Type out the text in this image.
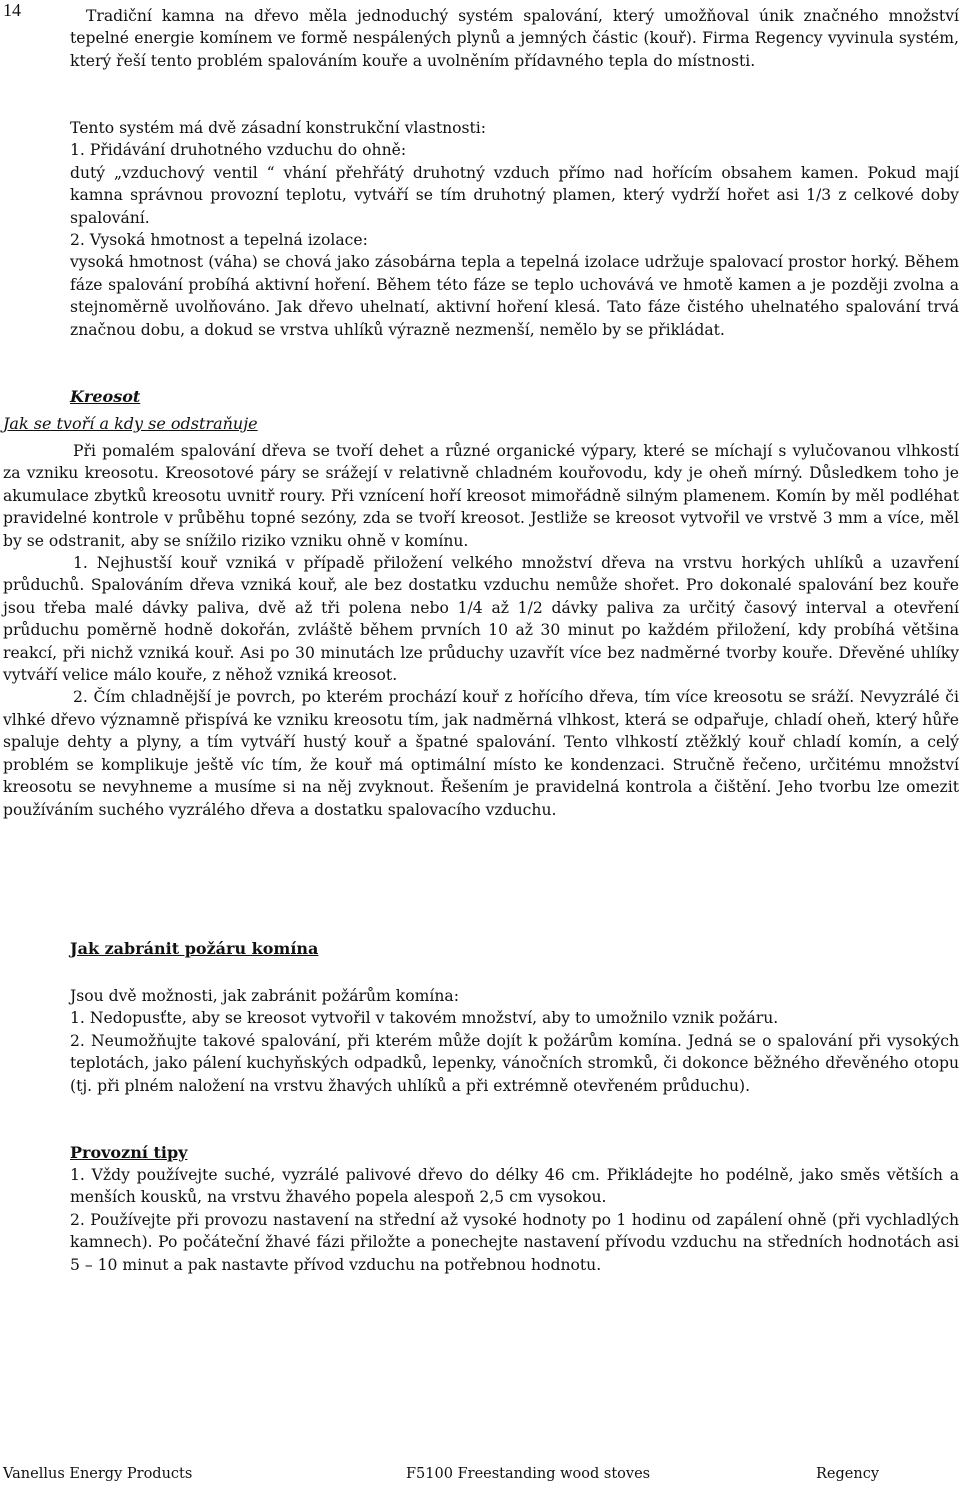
14	Tradiční kamna na dřevo měla jednoduchý systém spalování, který umožňoval únik značného množství tepelné energie komínem ve formě nespálených plynů a jemných částic (kouř). Firma Regency vyvinula systém, který řeší tento problém spalováním kouře a uvolněním přídavného tepla do místnosti.

Tento systém má dvě zásadní konstrukční vlastnosti:

1. Přidávání druhotného vzduchu do ohně:

dutý „vzduchový ventil “ vhání přehřátý druhotný vzduch přímo nad hořícím obsahem kamen. Pokud mají kamna správnou provozní teplotu, vytváří se tím druhotný plamen, který vydrží hořet asi 1/3 z celkové doby spalování.

2. Vysoká hmotnost a tepelná izolace:

vysoká hmotnost (váha) se chová jako zásobárna tepla a tepelná izolace udržuje spalovací prostor horký. Během fáze spalování probíhá aktivní hoření. Během této fáze se teplo uchovává ve hmotě kamen a je později zvolna a stejnoměrně uvolňováno. Jak dřevo uhelnatí, aktivní hoření klesá. Tato fáze čistého uhelnatého spalování trvá značnou dobu, a dokud se vrstva uhlíků výrazně nezmenší, nemělo by se přikládat.

Kreosot
Jak se tvoří a kdy se odstraňuje

Při pomalém spalování dřeva se tvoří dehet a různé organické výpary, které se míchají s vylučovanou vlhkostí za vzniku kreosotu. Kreosotové páry se srážejí v relativně chladném kouřovodu, kdy je oheň mírný. Důsledkem toho je akumulace zbytků kreosotu uvnitř roury. Při vznícení hoří kreosot mimořádně silným plamenem. Komín by měl podléhat pravidelné kontrole v průběhu topné sezóny, zda se tvoří kreosot. Jestliže se kreosot vytvořil ve vrstvě 3 mm a více, měl by se odstranit, aby se snížilo riziko vzniku ohně v komínu.

1. Nejhustší kouř vzniká v případě přiložení velkého množství dřeva na vrstvu horkých uhlíků a uzavření průduchů. Spalováním dřeva vzniká kouř, ale bez dostatku vzduchu nemůže shořet. Pro dokonalé spalování bez kouře jsou třeba malé dávky paliva, dvě až tři polena nebo 1/4 až 1/2 dávky paliva za určitý časový interval a otevření průduchu poměrně hodně dokořán, zvláště během prvních 10 až 30 minut po každém přiložení, kdy probíhá většina reakcí, při nichž vzniká kouř. Asi po 30 minutách lze průduchy uzavřít více bez nadměrné tvorby kouře. Dřevěné uhlíky vytváří velice málo kouře, z něhož vzniká kreosot.

2. Čím chladnější je povrch, po kterém prochází kouř z hořícího dřeva, tím více kreosotu se sráží. Nevyzrálé či vlhké dřevo významně přispívá ke vzniku kreosotu tím, jak nadměrná vlhkost, která se odpařuje, chladí oheň, který hůře spaluje dehty a plyny, a tím vytváří hustý kouř a špatné spalování. Tento vlhkostí ztěžklý kouř chladí komín, a celý problém se komplikuje ještě víc tím, že kouř má optimální místo ke kondenzaci. Stručně řečeno, určitému množství kreosotu se nevyhneme a musíme si na něj zvyknout. Řešením je pravidelná kontrola a čištění. Jeho tvorbu lze omezit používáním suchého vyzrálého dřeva a dostatku spalovacího vzduchu.

Jak zabránit požáru komína

Jsou dvě možnosti, jak zabránit požárům komína:

1. Nedopusťte, aby se kreosot vytvořil v takovém množství, aby to umožnilo vznik požáru.

2. Neumožňujte takové spalování, při kterém může dojít k požárům komína. Jedná se o spalování při vysokých teplotách, jako pálení kuchyňských odpadků, lepenky, vánočních stromků, či dokonce běžného dřevěného otopu (tj. při plném naložení na vrstvu žhavých uhlíků a při extrémně otevřeném průduchu).

Provozní tipy

1. Vždy používejte suché, vyzrálé palivové dřevo do délky 46 cm. Přikládejte ho podélně, jako směs větších a menších kousků, na vrstvu žhavého popela alespoň 2,5 cm vysokou.

2. Používejte při provozu nastavení na střední až vysoké hodnoty po 1 hodinu od zapálení ohně (při vychladlých kamnech). Po počáteční žhavé fázi přiložte a ponechejte nastavení přívodu vzduchu na středních hodnotách asi 5 – 10 minut a pak nastavte přívod vzduchu na potřebnou hodnotu.

Vanellus Energy Products	F5100 Freestanding wood stoves	Regency
